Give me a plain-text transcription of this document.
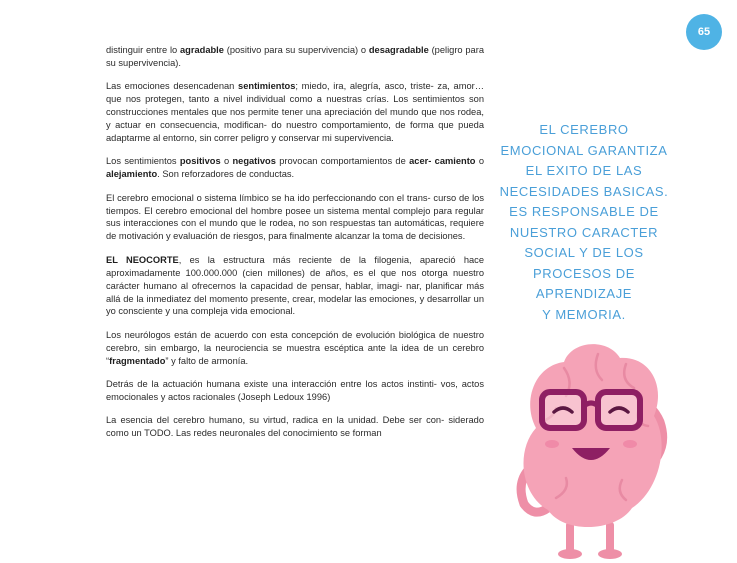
65

distinguir entre lo agradable (positivo para su supervivencia) o desagradable (peligro para su supervivencia).

Las emociones desencadenan sentimientos; miedo, ira, alegría, asco, triste- za, amor… que nos protegen, tanto a nivel individual como a nuestras crías. Los sentimientos son construcciones mentales que nos permite tener una apreciación del mundo que nos rodea, y actuar en consecuencia, modifican- do nuestro comportamiento, de forma que pueda adaptarme al entorno, sin correr peligro y conservar mi supervivencia.

Los sentimientos positivos o negativos provocan comportamientos de acer- camiento o alejamiento. Son reforzadores de conductas.

El cerebro emocional o sistema límbico se ha ido perfeccionando con el trans- curso de los tiempos. El cerebro emocional del hombre posee un sistema mental complejo para regular sus interacciones con el mundo que le rodea, no son respuestas tan automáticas, requiere de motivación y evaluación de riesgos, para finalmente alcanzar la toma de decisiones.

EL NEOCORTE, es la estructura más reciente de la filogenia, apareció hace aproximadamente 100.000.000 (cien millones) de años, es el que nos otorga nuestro carácter humano al ofrecernos la capacidad de pensar, hablar, imagi- nar, planificar más allá de la inmediatez del momento presente, crear, modelar las emociones, y desarrollar un yo consciente y una compleja vida emocional.

Los neurólogos están de acuerdo con esta concepción de evolución biológica de nuestro cerebro, sin embargo, la neurociencia se muestra escéptica ante la idea de un cerebro “fragmentado” y falto de armonía.

Detrás de la actuación humana existe una interacción entre los actos instinti- vos, actos emocionales y actos racionales (Joseph Ledoux 1996)

La esencia del cerebro humano, su virtud, radica en la unidad. Debe ser con- siderado como un TODO. Las redes neuronales del conocimiento se forman

EL CEREBRO
EMOCIONAL GARANTIZA
EL EXITO DE LAS
NECESIDADES BASICAS.
ES RESPONSABLE DE
NUESTRO CARACTER
SOCIAL Y DE LOS
PROCESOS DE
APRENDIZAJE
Y MEMORIA.
